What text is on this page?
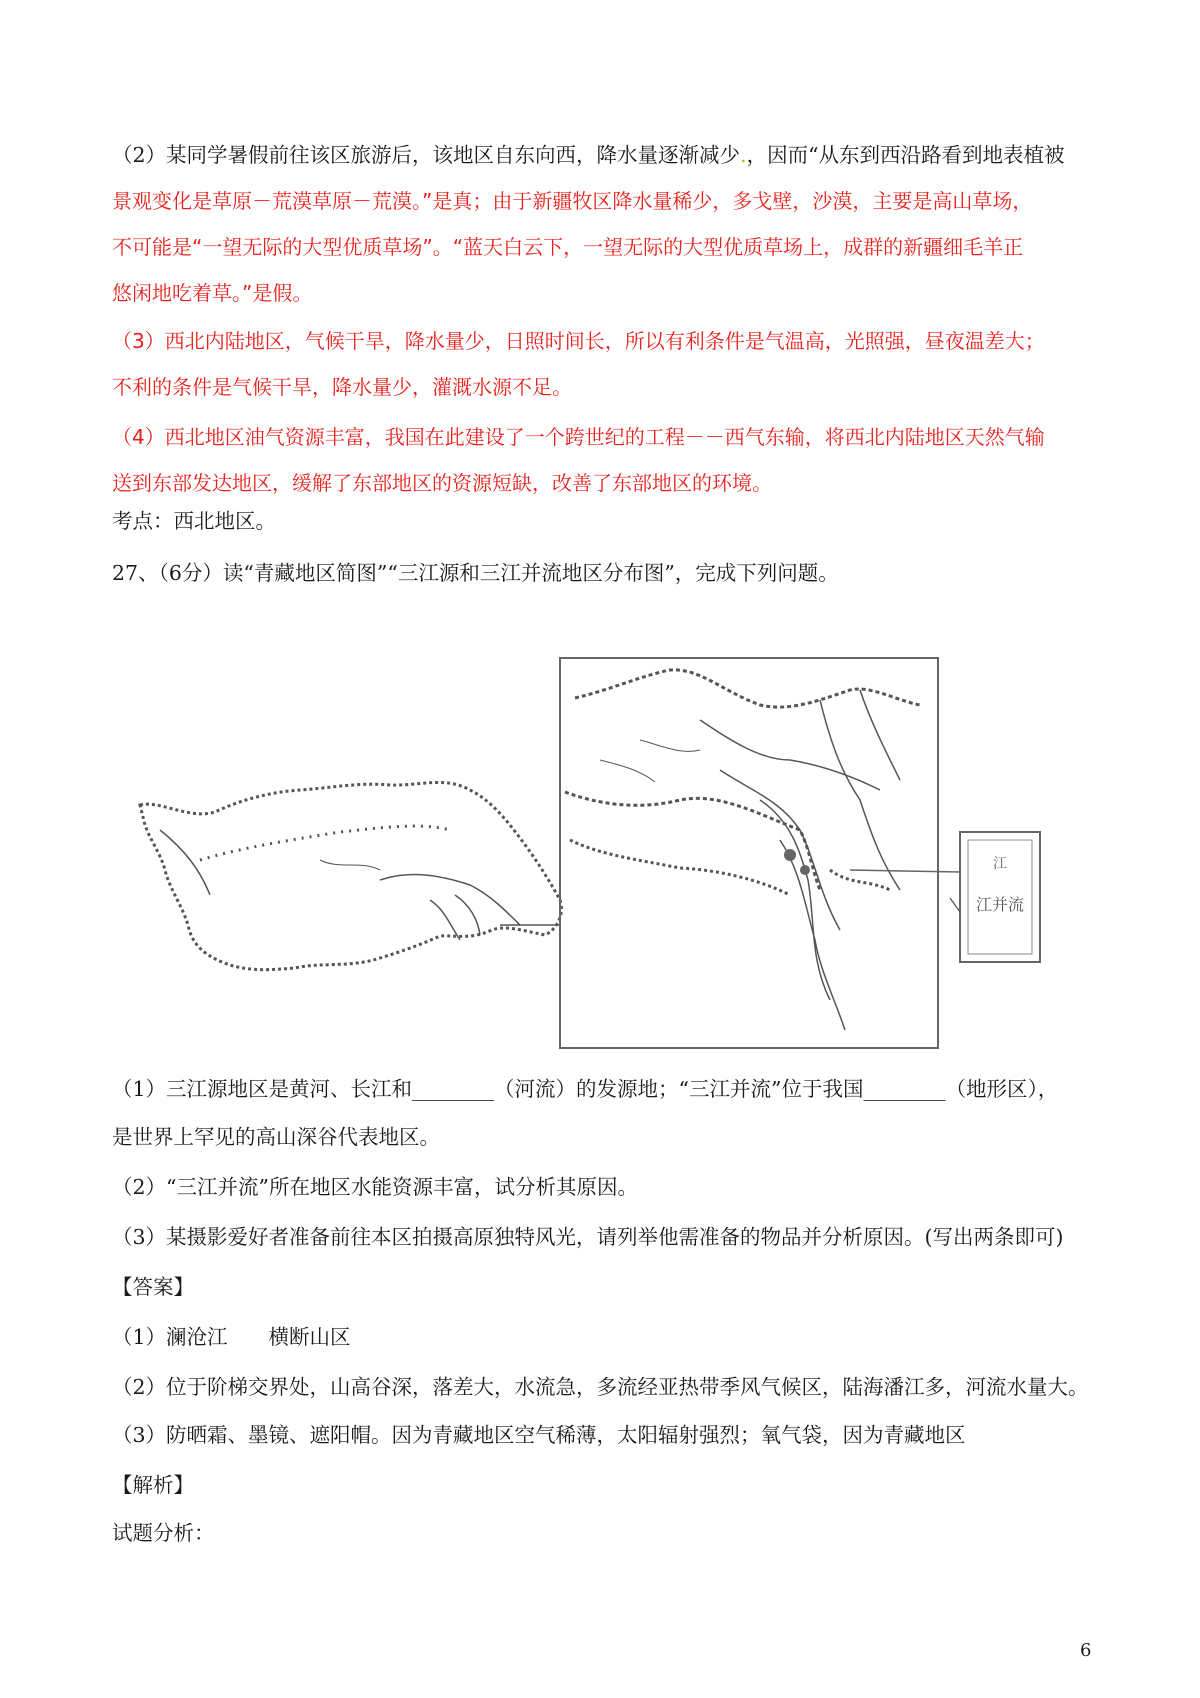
（2）某同学暑假前往该区旅游后，该地区自东向西，降水量逐渐减少.，因而“从东到西沿路看到地表植被
景观变化是草原－荒漠草原－荒漠。”是真；由于新疆牧区降水量稀少，多戈壁，沙漠，主要是高山草场，
不可能是“一望无际的大型优质草场”。“蓝天白云下，一望无际的大型优质草场上，成群的新疆细毛羊正
悠闲地吃着草。”是假。
（3）西北内陆地区，气候干旱，降水量少，日照时间长，所以有利条件是气温高，光照强，昼夜温差大；
不利的条件是气候干旱，降水量少，灌溉水源不足。
（4）西北地区油气资源丰富，我国在此建设了一个跨世纪的工程－－西气东输，将西北内陆地区天然气输
送到东部发达地区，缓解了东部地区的资源短缺，改善了东部地区的环境。
考点：西北地区。
27、（6分）读“青藏地区简图”“三江源和三江并流地区分布图”，完成下列问题。
江
江并流
（1）三江源地区是黄河、长江和________（河流）的发源地；“三江并流”位于我国________（地形区），
是世界上罕见的高山深谷代表地区。
（2）“三江并流”所在地区水能资源丰富，试分析其原因。
（3）某摄影爱好者准备前往本区拍摄高原独特风光，请列举他需准备的物品并分析原因。(写出两条即可)
【答案】
（1）澜沧江　　横断山区
（2）位于阶梯交界处，山高谷深，落差大，水流急，多流经亚热带季风气候区，陆海潘江多，河流水量大。
（3）防晒霜、墨镜、遮阳帽。因为青藏地区空气稀薄，太阳辐射强烈；氧气袋，因为青藏地区
【解析】
试题分析：
6
